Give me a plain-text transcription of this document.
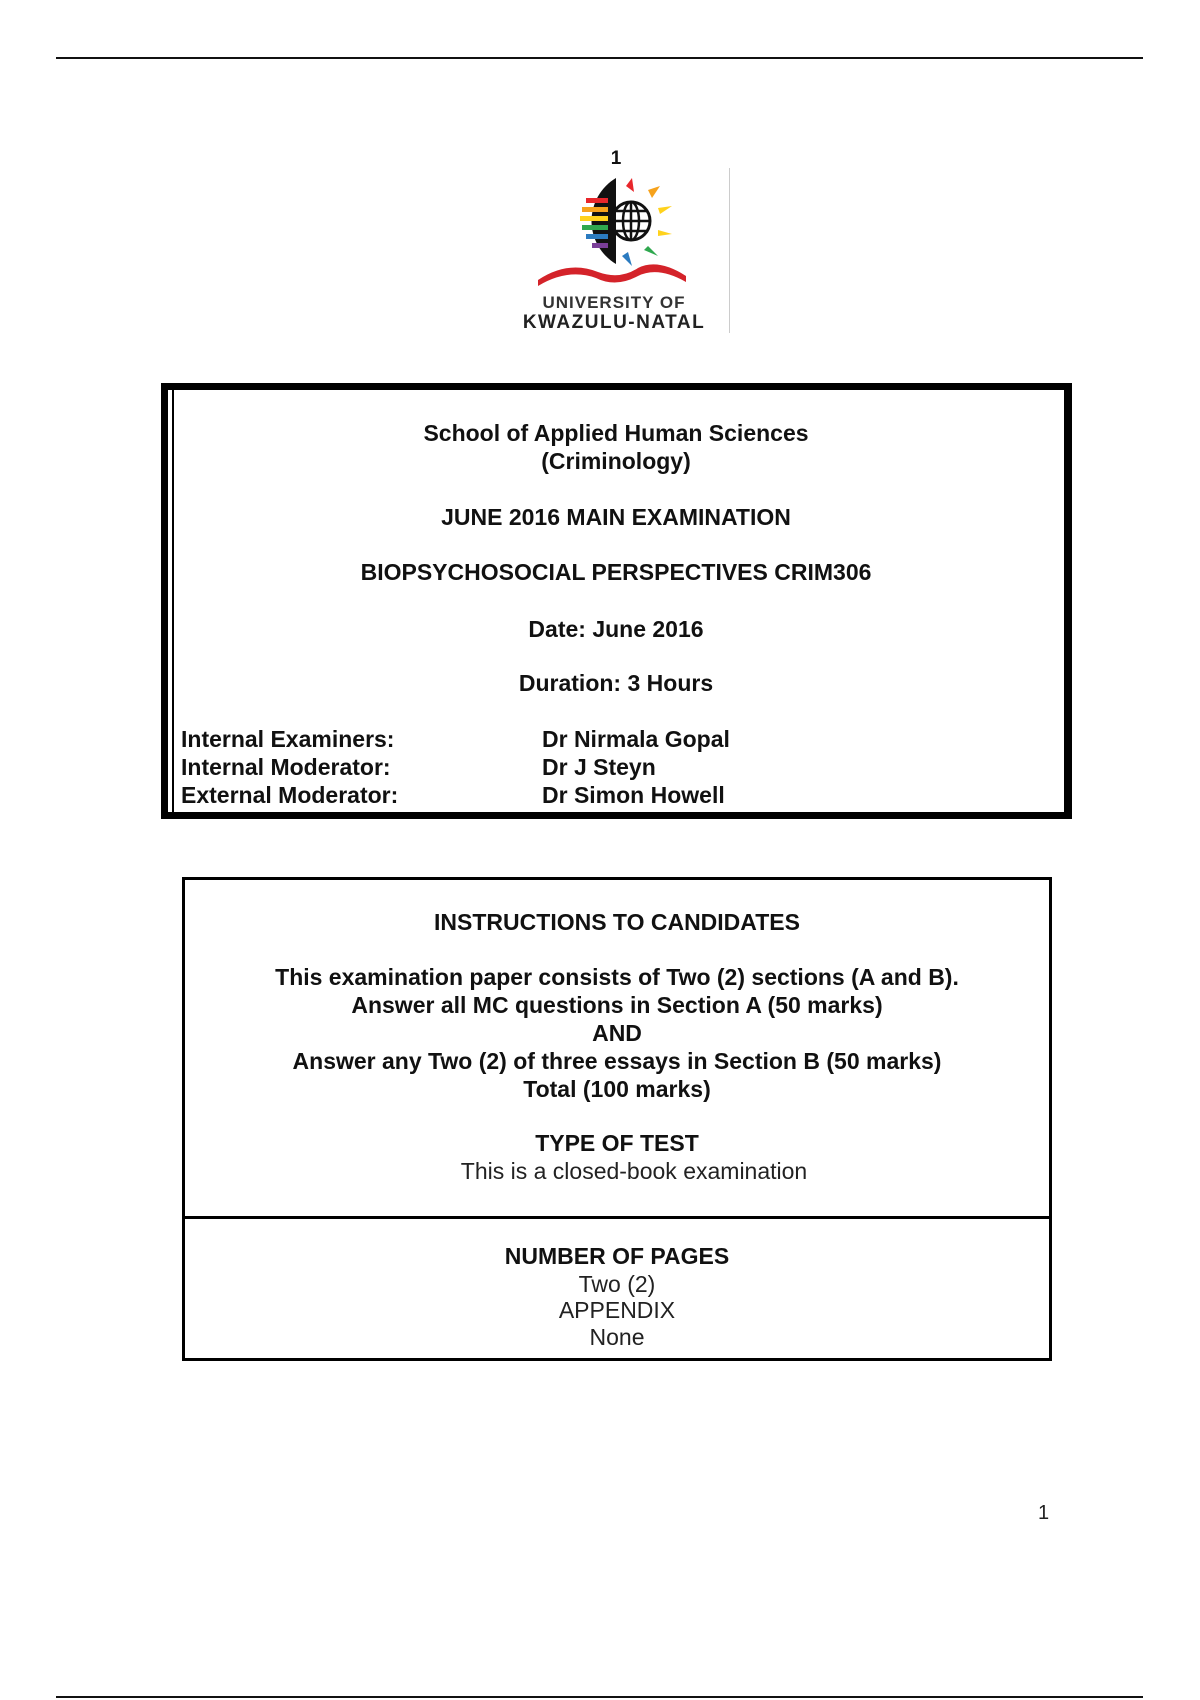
1
UNIVERSITY OF
KWAZULU-NATAL
School of Applied Human Sciences
(Criminology)
JUNE 2016 MAIN EXAMINATION
BIOPSYCHOSOCIAL PERSPECTIVES CRIM306
Date: June 2016
Duration: 3 Hours
Internal Examiners:	Dr Nirmala Gopal
Internal Moderator:	Dr J Steyn
External Moderator:	Dr Simon Howell
INSTRUCTIONS TO CANDIDATES
This examination paper consists of Two (2) sections (A and B).
Answer all MC questions in Section A (50 marks)
AND
Answer any Two (2) of three essays in Section B (50 marks)
Total (100 marks)
TYPE OF TEST
This is a closed-book examination
NUMBER OF PAGES
Two (2)
APPENDIX
None
1
